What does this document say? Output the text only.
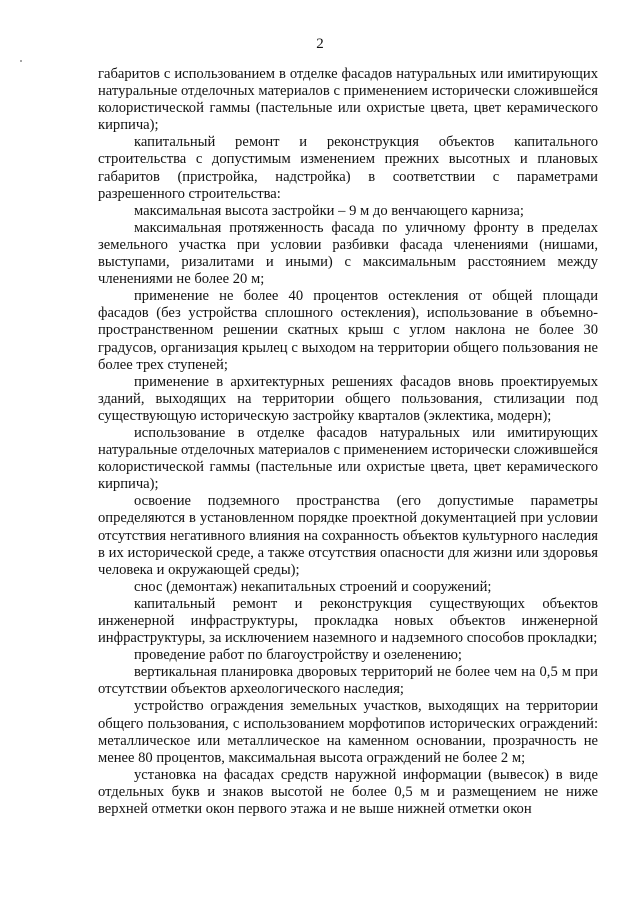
2

габаритов с использованием в отделке фасадов натуральных или имитирующих натуральные отделочных материалов с применением исторически сложившейся колористической гаммы (пастельные или охристые цвета, цвет керамического кирпича);

капитальный ремонт и реконструкция объектов капитального строительства с допустимым изменением прежних высотных и плановых габаритов (пристройка, надстройка) в соответствии с параметрами разрешенного строительства:

максимальная высота застройки – 9 м до венчающего карниза;

максимальная протяженность фасада по уличному фронту в пределах земельного участка при условии разбивки фасада членениями (нишами, выступами, ризалитами и иными) с максимальным расстоянием между членениями не более 20 м;

применение не более 40 процентов остекления от общей площади фасадов (без устройства сплошного остекления), использование в объемно-пространственном решении скатных крыш с углом наклона не более 30 градусов, организация крылец с выходом на территории общего пользования не более трех ступеней;

применение в архитектурных решениях фасадов вновь проектируемых зданий, выходящих на территории общего пользования, стилизации под существующую историческую застройку кварталов (эклектика, модерн);

использование в отделке фасадов натуральных или имитирующих натуральные отделочных материалов с применением исторически сложившейся колористической гаммы (пастельные или охристые цвета, цвет керамического кирпича);

освоение подземного пространства (его допустимые параметры определяются в установленном порядке проектной документацией при условии отсутствия негативного влияния на сохранность объектов культурного наследия в их исторической среде, а также отсутствия опасности для жизни или здоровья человека и окружающей среды);

снос (демонтаж) некапитальных строений и сооружений;

капитальный ремонт и реконструкция существующих объектов инженерной инфраструктуры, прокладка новых объектов инженерной инфраструктуры, за исключением наземного и надземного способов прокладки;

проведение работ по благоустройству и озеленению;

вертикальная планировка дворовых территорий не более чем на 0,5 м при отсутствии объектов археологического наследия;

устройство ограждения земельных участков, выходящих на территории общего пользования, с использованием морфотипов исторических ограждений: металлическое или металлическое на каменном основании, прозрачность не менее 80 процентов, максимальная высота ограждений не более 2 м;

установка на фасадах средств наружной информации (вывесок) в виде отдельных букв и знаков высотой не более 0,5 м и размещением не ниже верхней отметки окон первого этажа и не выше нижней отметки окон
